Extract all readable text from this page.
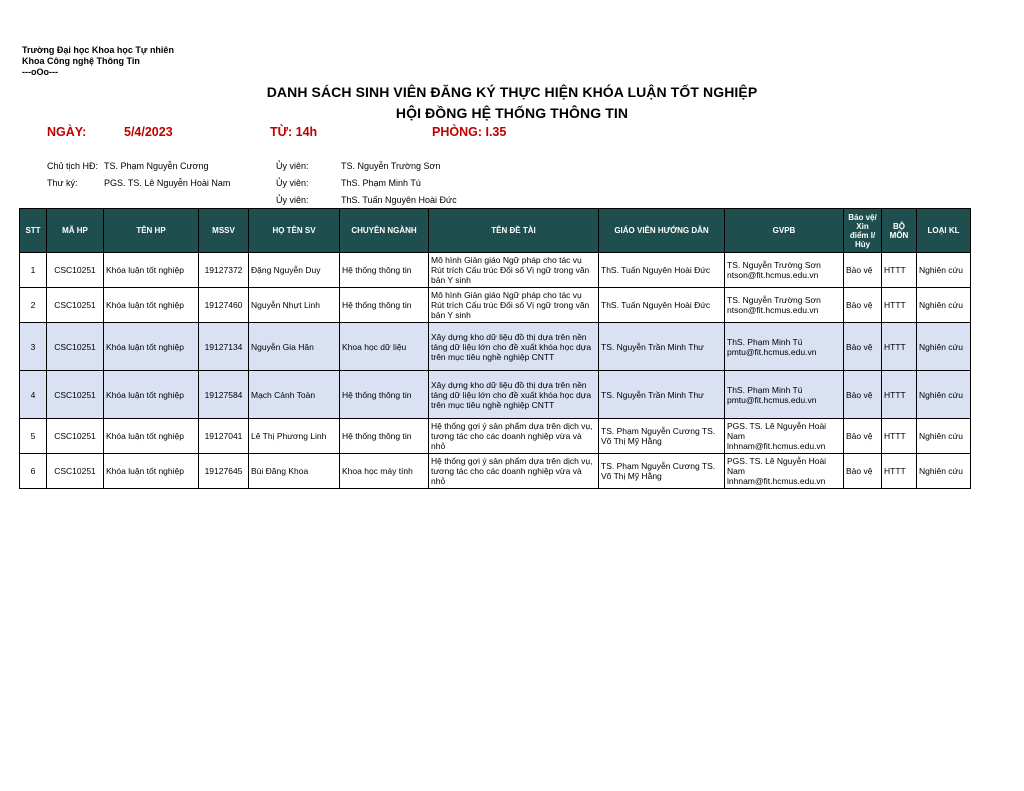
Trường Đại học Khoa học Tự nhiên
Khoa Công nghệ Thông Tin
---oOo---
DANH SÁCH SINH VIÊN ĐĂNG KÝ THỰC HIỆN KHÓA LUẬN TỐT NGHIỆP
HỘI ĐỒNG HỆ THỐNG THÔNG TIN
NGÀY:	5/4/2023	TỪ: 14h	PHÒNG: I.35
Chủ tịch HĐ: TS. Phạm Nguyễn Cương
Thư ký:	PGS. TS. Lê Nguyễn Hoài Nam
Ủy viên:	TS. Nguyễn Trường Sơn
Ủy viên:	ThS. Phạm Minh Tú
Ủy viên:	ThS. Tuấn Nguyên Hoài Đức
STT	MÃ HP	TÊN HP	MSSV	HỌ TÊN SV	CHUYÊN NGÀNH	TÊN ĐỀ TÀI	GIÁO VIÊN HƯỚNG DẪN	GVPB	Bảo vệ/ Xin điểm I/ Hủy	BỘ MÔN	LOẠI KL
1	CSC10251	Khóa luận tốt nghiệp	19127372	Đặng Nguyễn Duy	Hệ thống thông tin	Mô hình Giản giáo Ngữ pháp cho tác vụ Rút trích Cấu trúc Đối số Vị ngữ trong văn bản Y sinh	ThS. Tuấn Nguyên Hoài Đức	TS. Nguyễn Trường Sơn ntson@fit.hcmus.edu.vn	Bảo vệ	HTTT	Nghiên cứu
2	CSC10251	Khóa luận tốt nghiệp	19127460	Nguyễn Nhựt Linh	Hệ thống thông tin	Mô hình Giản giáo Ngữ pháp cho tác vụ Rút trích Cấu trúc Đối số Vị ngữ trong văn bản Y sinh	ThS. Tuấn Nguyên Hoài Đức	TS. Nguyễn Trường Sơn ntson@fit.hcmus.edu.vn	Bảo vệ	HTTT	Nghiên cứu
3	CSC10251	Khóa luận tốt nghiệp	19127134	Nguyễn Gia Hân	Khoa học dữ liệu	Xây dựng kho dữ liệu đồ thị dựa trên nền tảng dữ liệu lớn cho đề xuất khóa học dựa trên mục tiêu nghề nghiệp CNTT	TS. Nguyễn Trần Minh Thư	ThS. Phạm Minh Tú pmtu@fit.hcmus.edu.vn	Bảo vệ	HTTT	Nghiên cứu
4	CSC10251	Khóa luận tốt nghiệp	19127584	Mạch Cảnh Toàn	Hệ thống thông tin	Xây dựng kho dữ liệu đồ thị dựa trên nền tảng dữ liệu lớn cho đề xuất khóa học dựa trên mục tiêu nghề nghiệp CNTT	TS. Nguyễn Trần Minh Thư	ThS. Phạm Minh Tú pmtu@fit.hcmus.edu.vn	Bảo vệ	HTTT	Nghiên cứu
5	CSC10251	Khóa luận tốt nghiệp	19127041	Lê Thị Phương Linh	Hệ thống thông tin	Hệ thống gợi ý sản phẩm dựa trên dịch vụ, tương tác cho các doanh nghiệp vừa và nhỏ	TS. Phạm Nguyễn Cương TS. Võ Thị Mỹ Hằng	PGS. TS. Lê Nguyễn Hoài Nam lnhnam@fit.hcmus.edu.vn	Bảo vệ	HTTT	Nghiên cứu
6	CSC10251	Khóa luận tốt nghiệp	19127645	Bùi Đăng Khoa	Khoa học máy tính	Hệ thống gợi ý sản phẩm dựa trên dịch vụ, tương tác cho các doanh nghiệp vừa và nhỏ	TS. Phạm Nguyễn Cương TS. Võ Thị Mỹ Hằng	PGS. TS. Lê Nguyễn Hoài Nam lnhnam@fit.hcmus.edu.vn	Bảo vệ	HTTT	Nghiên cứu
